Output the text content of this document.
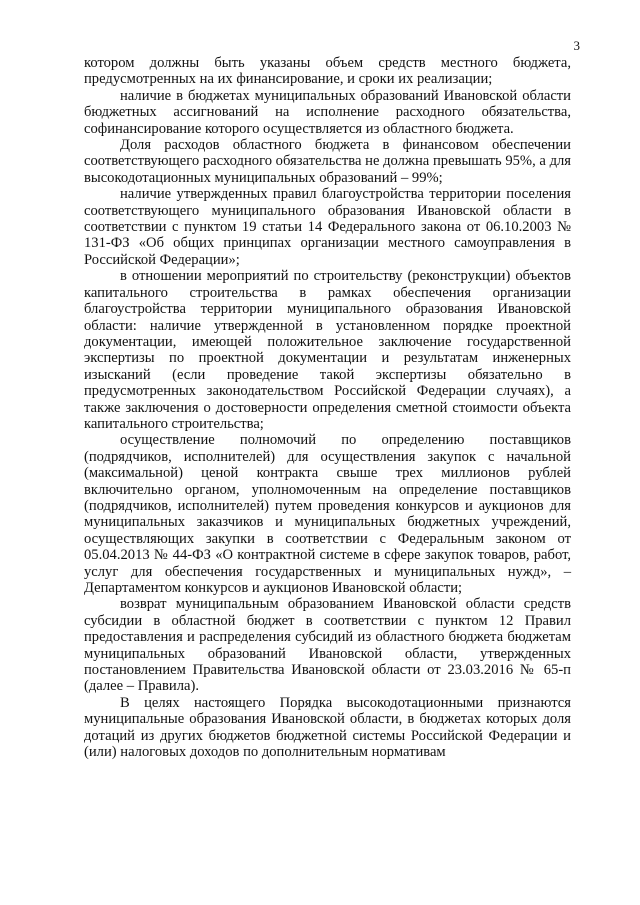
3

котором должны быть указаны объем средств местного бюджета, предусмотренных на их финансирование, и сроки их реализации;

наличие в бюджетах муниципальных образований Ивановской области бюджетных ассигнований на исполнение расходного обязательства, софинансирование которого осуществляется из областного бюджета.

Доля расходов областного бюджета в финансовом обеспечении соответствующего расходного обязательства не должна превышать 95%, а для высокодотационных муниципальных образований – 99%;

наличие утвержденных правил благоустройства территории поселения соответствующего муниципального образования Ивановской области в соответствии с пунктом 19 статьи 14 Федерального закона от 06.10.2003 № 131-ФЗ «Об общих принципах организации местного самоуправления в Российской Федерации»;

в отношении мероприятий по строительству (реконструкции) объектов капитального строительства в рамках обеспечения организации благоустройства территории муниципального образования Ивановской области: наличие утвержденной в установленном порядке проектной документации, имеющей положительное заключение государственной экспертизы по проектной документации и результатам инженерных изысканий (если проведение такой экспертизы обязательно в предусмотренных законодательством Российской Федерации случаях), а также заключения о достоверности определения сметной стоимости объекта капитального строительства;

осуществление полномочий по определению поставщиков (подрядчиков, исполнителей) для осуществления закупок с начальной (максимальной) ценой контракта свыше трех миллионов рублей включительно органом, уполномоченным на определение поставщиков (подрядчиков, исполнителей) путем проведения конкурсов и аукционов для муниципальных заказчиков и муниципальных бюджетных учреждений, осуществляющих закупки в соответствии с Федеральным законом от 05.04.2013 № 44-ФЗ «О контрактной системе в сфере закупок товаров, работ, услуг для обеспечения государственных и муниципальных нужд», – Департаментом конкурсов и аукционов Ивановской области;

возврат муниципальным образованием Ивановской области средств субсидии в областной бюджет в соответствии с пунктом 12 Правил предоставления и распределения субсидий из областного бюджета бюджетам муниципальных образований Ивановской области, утвержденных постановлением Правительства Ивановской области от 23.03.2016 № 65-п (далее – Правила).

В целях настоящего Порядка высокодотационными признаются муниципальные образования Ивановской области, в бюджетах которых доля дотаций из других бюджетов бюджетной системы Российской Федерации и (или) налоговых доходов по дополнительным нормативам
